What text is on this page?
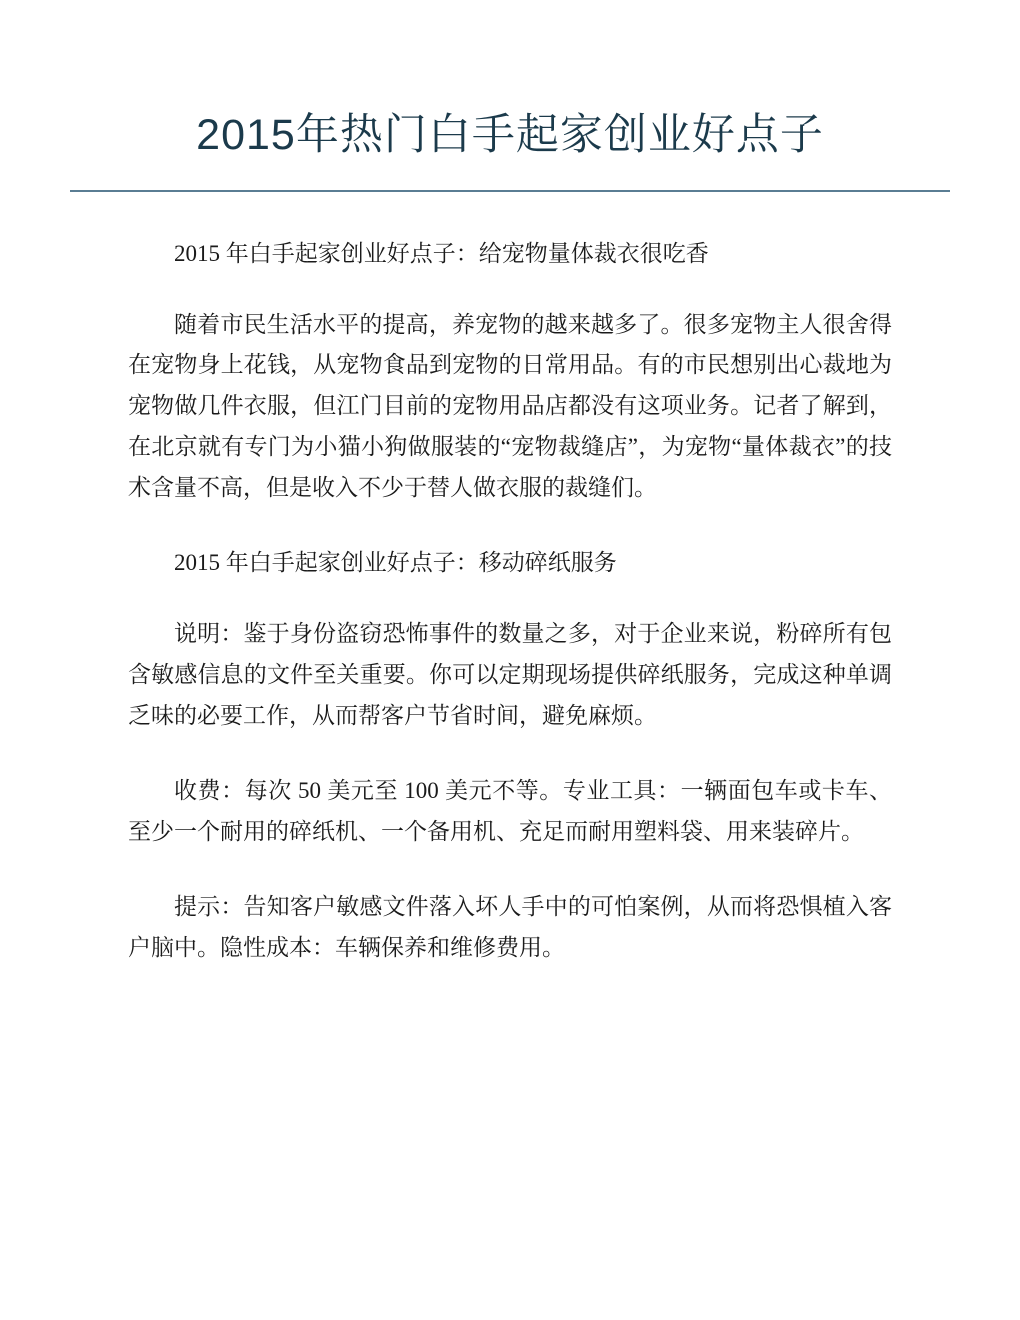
2015年热门白手起家创业好点子

2015 年白手起家创业好点子：给宠物量体裁衣很吃香

随着市民生活水平的提高，养宠物的越来越多了。很多宠物主人很舍得在宠物身上花钱，从宠物食品到宠物的日常用品。有的市民想别出心裁地为宠物做几件衣服，但江门目前的宠物用品店都没有这项业务。记者了解到，在北京就有专门为小猫小狗做服装的“宠物裁缝店”，为宠物“量体裁衣”的技术含量不高，但是收入不少于替人做衣服的裁缝们。

2015 年白手起家创业好点子：移动碎纸服务

说明：鉴于身份盗窃恐怖事件的数量之多，对于企业来说，粉碎所有包含敏感信息的文件至关重要。你可以定期现场提供碎纸服务，完成这种单调乏味的必要工作，从而帮客户节省时间，避免麻烦。

收费：每次 50 美元至 100 美元不等。专业工具：一辆面包车或卡车、至少一个耐用的碎纸机、一个备用机、充足而耐用塑料袋、用来装碎片。

提示：告知客户敏感文件落入坏人手中的可怕案例，从而将恐惧植入客户脑中。隐性成本：车辆保养和维修费用。
